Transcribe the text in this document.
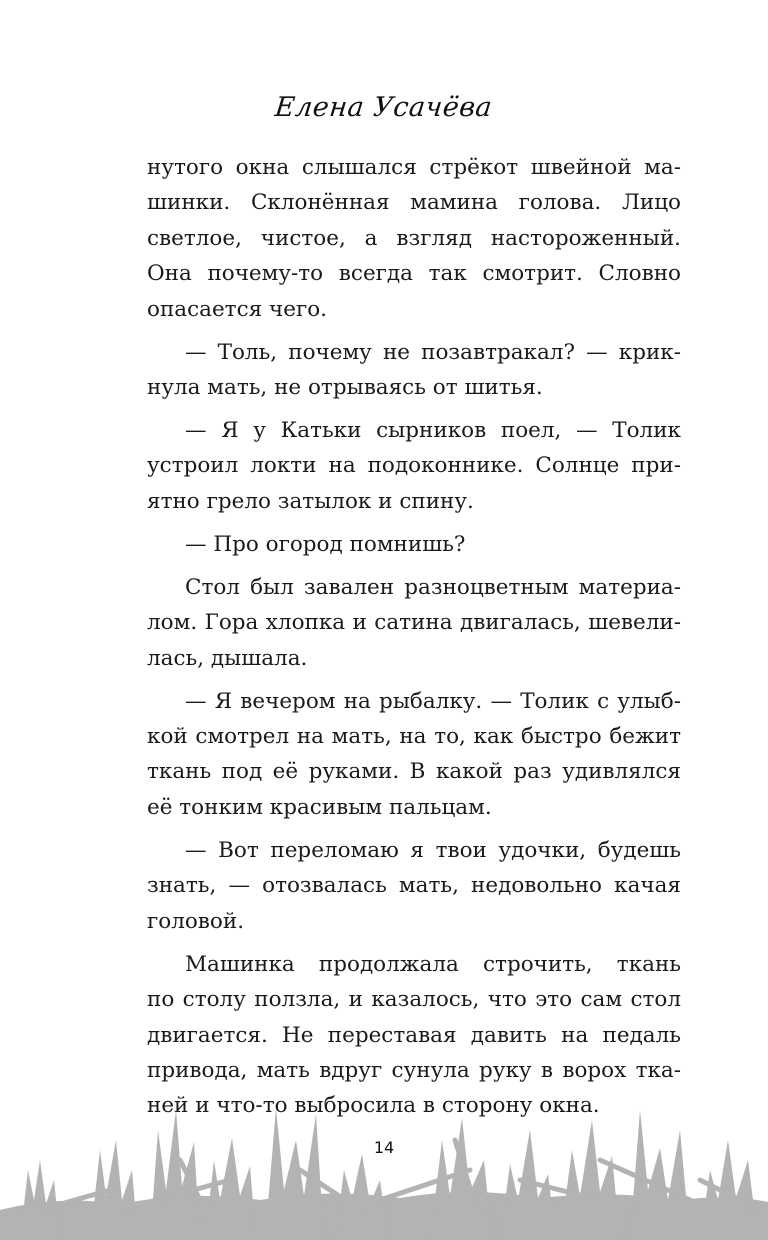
Елена Усачёва
нутого окна слышался стрёкот швейной ма-
шинки. Склонённая мамина голова. Лицо
светлое, чистое, а взгляд настороженный.
Она почему-то всегда так смотрит. Словно
опасается чего.
— Толь, почему не позавтракал? — крик-
нула мать, не отрываясь от шитья.
— Я у Катьки сырников поел, — Толик
устроил локти на подоконнике. Солнце при-
ятно грело затылок и спину.
— Про огород помнишь?
Стол был завален разноцветным материа-
лом. Гора хлопка и сатина двигалась, шевели-
лась, дышала.
— Я вечером на рыбалку. — Толик с улыб-
кой смотрел на мать, на то, как быстро бежит
ткань под её руками. В какой раз удивлялся
её тонким красивым пальцам.
— Вот переломаю я твои удочки, будешь
знать, — отозвалась мать, недовольно качая
головой.
Машинка продолжала строчить, ткань
по столу ползла, и казалось, что это сам стол
двигается. Не переставая давить на педаль
привода, мать вдруг сунула руку в ворох тка-
ней и что-то выбросила в сторону окна.
14
